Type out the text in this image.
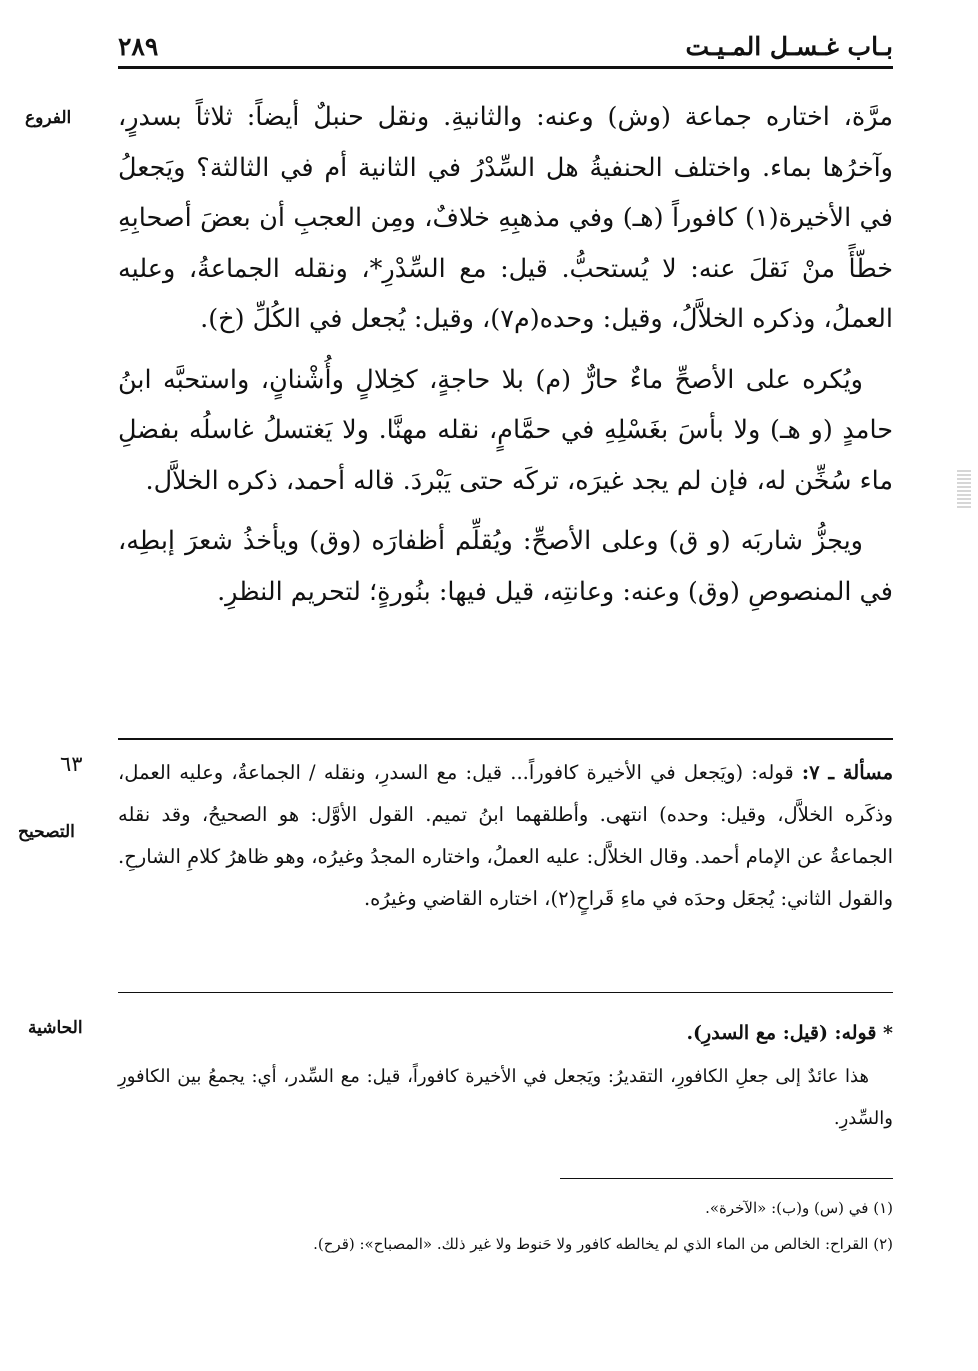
بـاب غـسـل المـيـت
٢٨٩
الفروع مرَّة، اختاره جماعة (وش) وعنه: والثانيةِ. ونقل حنبلٌ أيضاً: ثلاثاً بسدرٍ، وآخرُها بماء. واختلف الحنفيةُ هل السِّدْرُ في الثانية أم في الثالثة؟ ويَجعلُ في الأخيرة(١) كافوراً (هـ) وفي مذهبِهِ خلافٌ، ومِن العجبِ أن بعضَ أصحابِهِ خطّأً منْ نَقلَ عنه: لا يُستحبُّ. قيل: مع السِّدْرِ*، ونقله الجماعةُ، وعليه العملُ، وذكره الخلاَّلُ، وقيل: وحده(م٧)، وقيل: يُجعل في الكُلِّ (خ).

ويُكره على الأصحِّ ماءٌ حارٌّ (م) بلا حاجةٍ، كخِلالٍ وأُشْنانٍ، واستحبَّه ابنُ حامدٍ (و هـ) ولا بأسَ بغَسْلِهِ في حمَّامٍ، نقله مهنَّا. ولا يَغتسلُ غاسلُه بفضلِ ماء سُخِّن له، فإن لم يجد غيرَه، تركَه حتى يَبْردَ. قاله أحمد، ذكره الخلاَّل.

ويجزُّ شاربَه (و ق) وعلى الأصحِّ: ويُقلِّم أظفارَه (وق) ويأخذُ شعرَ إبطِه، في المنصوصِ (وق) وعنه: وعانتِه، قيل فيها: بنُورةٍ؛ لتحريم النظرِ.

٦٣
التصحيح

مسألة ـ ٧: قوله: (ويَجعل في الأخيرة كافوراً... قيل: مع السدرِ، ونقله / الجماعةُ، وعليه العمل، وذكَره الخلاَّل، وقيل: وحده) انتهى. وأطلقهما ابنُ تميم. القول الأوَّل: هو الصحيحُ، وقد نقله الجماعةُ عن الإمام أحمد. وقال الخلاَّل: عليه العملُ، واختاره المجدُ وغيرُه، وهو ظاهرُ كلامِ الشارحِ. والقول الثاني: يُجعَل وحدَه في ماءِ قَراحٍ(٢)، اختاره القاضي وغيرُه.

الحاشية	* قوله: (قيل: مع السدرِ).

هذا عائدٌ إلى جعلِ الكافورِ، التقديرُ: ويَجعل في الأخيرة كافوراً، قيل: مع السِّدر، أي: يجمعُ بين الكافورِ والسِّدرِ.

(١) في (س) و(ب): «الآخرة».

(٢) القراح: الخالص من الماء الذي لم يخالطه كافور ولا حَنوط ولا غير ذلك. «المصباح»: (قرح).
